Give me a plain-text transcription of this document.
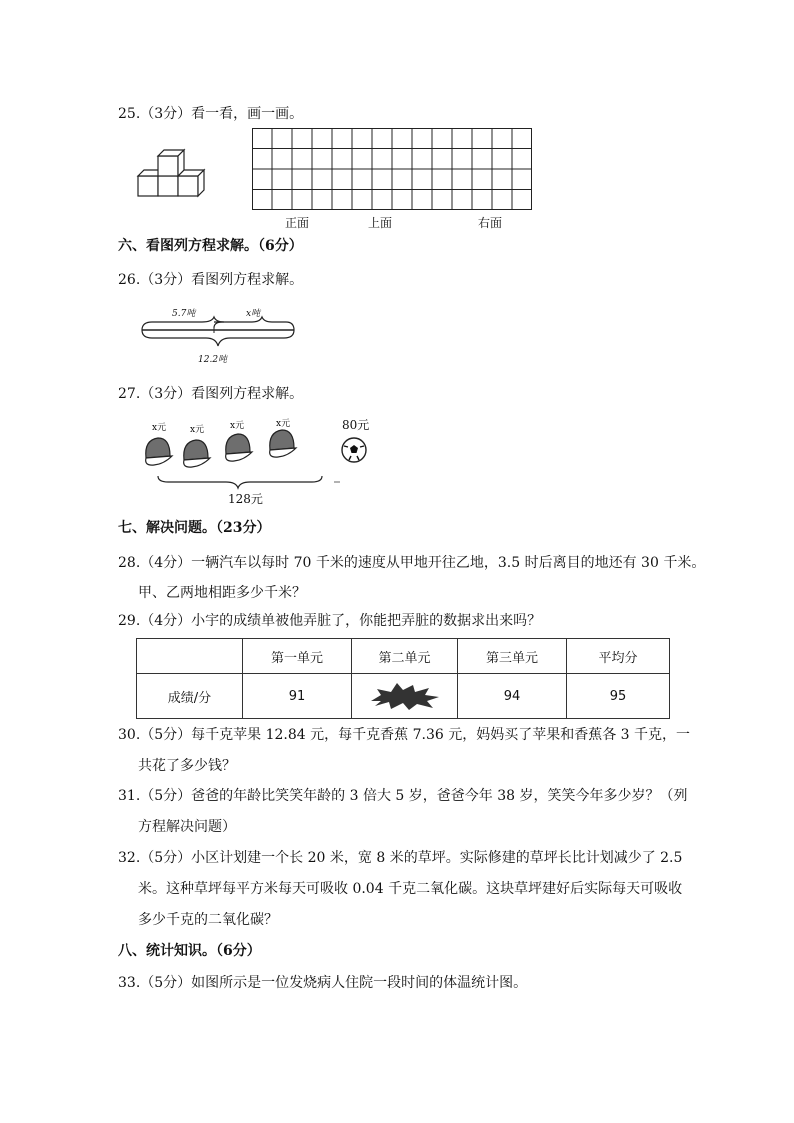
25.（3分）看一看，画一画。
正面	上面	右面
六、看图列方程求解。（6分）
26.（3分）看图列方程求解。
5.7吨	x吨
12.2吨
27.（3分）看图列方程求解。
x元	x元	x元	x元	80元
128元
七、解决问题。（23分）
28.（4分）一辆汽车以每时 70 千米的速度从甲地开往乙地，3.5 时后离目的地还有 30 千米。
甲、乙两地相距多少千米？
29.（4分）小宇的成绩单被他弄脏了，你能把弄脏的数据求出来吗？
	第一单元	第二单元	第三单元	平均分
成绩/分	91		94	95
30.（5分）每千克苹果 12.84 元，每千克香蕉 7.36 元，妈妈买了苹果和香蕉各 3 千克，一
共花了多少钱？
31.（5分）爸爸的年龄比笑笑年龄的 3 倍大 5 岁，爸爸今年 38 岁，笑笑今年多少岁？（列
方程解决问题）
32.（5分）小区计划建一个长 20 米，宽 8 米的草坪。实际修建的草坪长比计划减少了 2.5
米。这种草坪每平方米每天可吸收 0.04 千克二氧化碳。这块草坪建好后实际每天可吸收
多少千克的二氧化碳？
八、统计知识。（6分）
33.（5分）如图所示是一位发烧病人住院一段时间的体温统计图。
